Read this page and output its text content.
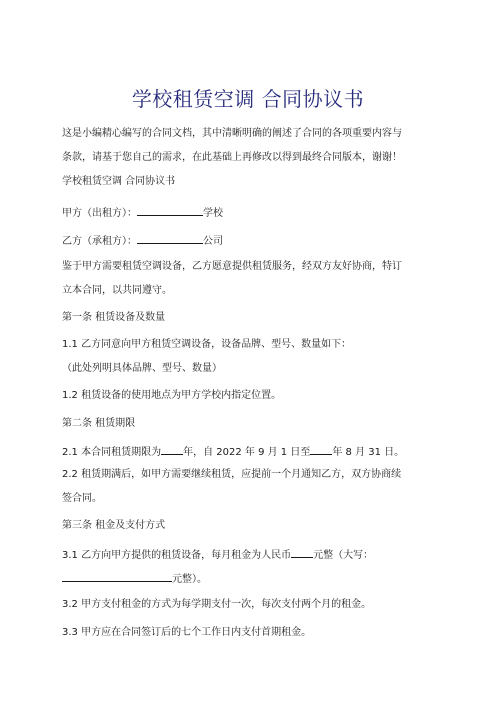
学校租赁空调 合同协议书
这是小编精心编写的合同文档，其中清晰明确的阐述了合同的各项重要内容与
条款，请基于您自己的需求，在此基础上再修改以得到最终合同版本，谢谢！
学校租赁空调 合同协议书
甲方（出租方）：	学校
乙方（承租方）：	公司
鉴于甲方需要租赁空调设备，乙方愿意提供租赁服务，经双方友好协商，特订
立本合同，以共同遵守。
第一条 租赁设备及数量
1.1 乙方同意向甲方租赁空调设备，设备品牌、型号、数量如下：
（此处列明具体品牌、型号、数量）
1.2 租赁设备的使用地点为甲方学校内指定位置。
第二条 租赁期限
2.1 本合同租赁期限为 年，自 2022 年 9 月 1 日至 年 8 月 31 日。
2.2 租赁期满后，如甲方需要继续租赁，应提前一个月通知乙方，双方协商续
签合同。
第三条 租金及支付方式
3.1 乙方向甲方提供的租赁设备，每月租金为人民币 元整（大写：
元整）。
3.2 甲方支付租金的方式为每学期支付一次，每次支付两个月的租金。
3.3 甲方应在合同签订后的七个工作日内支付首期租金。
